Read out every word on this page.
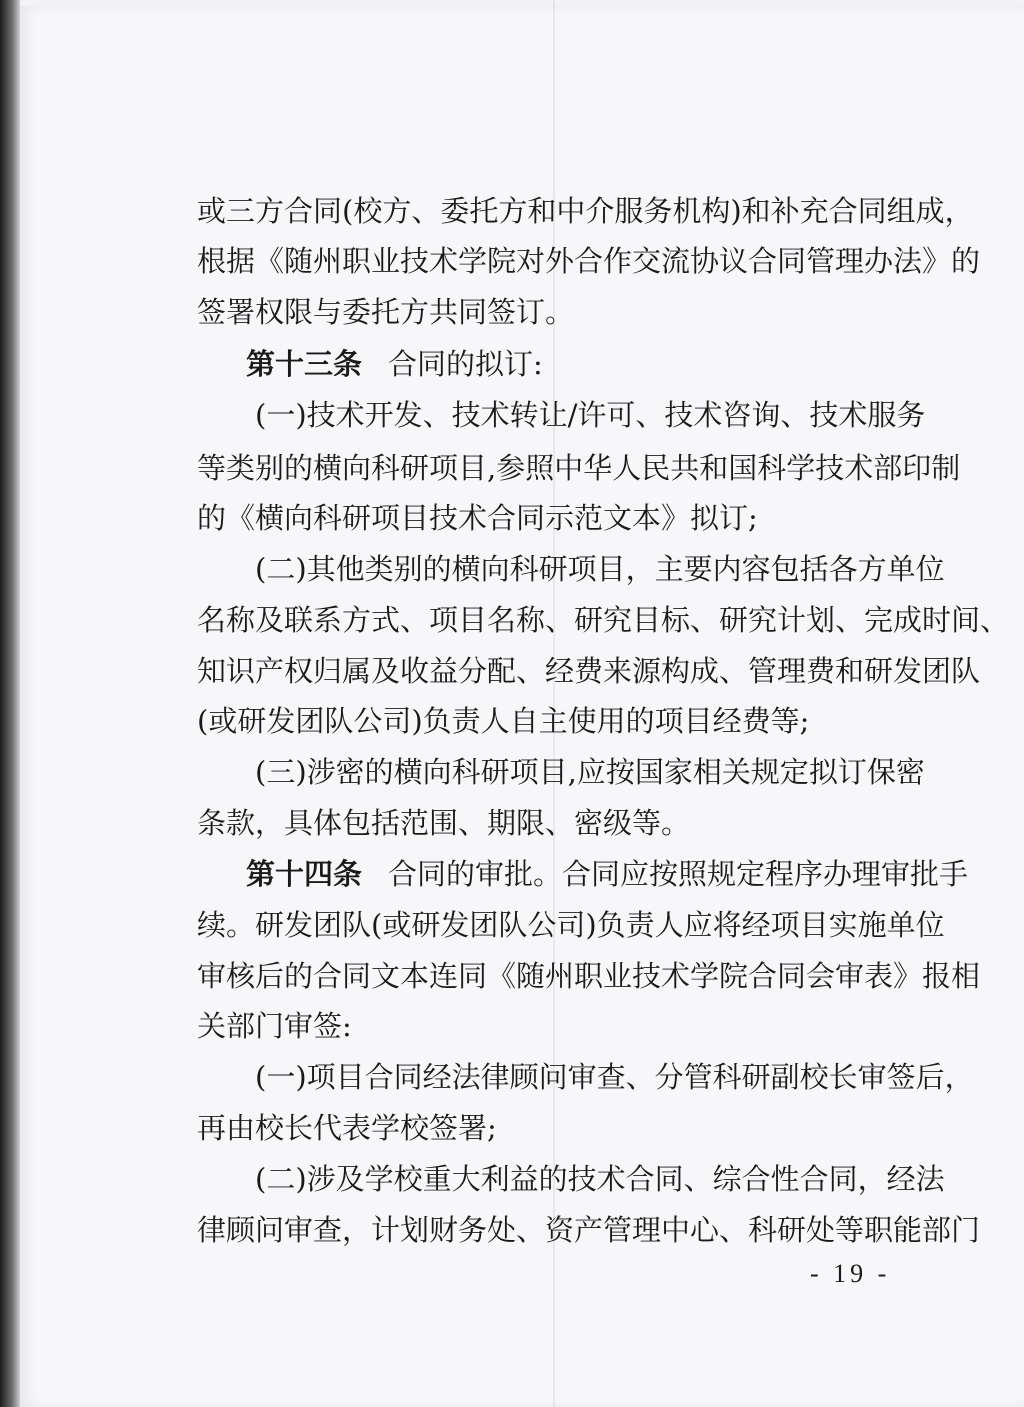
或三方合同(校方、委托方和中介服务机构)和补充合同组成，
根据《随州职业技术学院对外合作交流协议合同管理办法》的
签署权限与委托方共同签订。
第十三条 合同的拟订:
(一)技术开发、技术转让/许可、技术咨询、技术服务
等类别的横向科研项目,参照中华人民共和国科学技术部印制
的《横向科研项目技术合同示范文本》拟订;
(二)其他类别的横向科研项目，主要内容包括各方单位
名称及联系方式、项目名称、研究目标、研究计划、完成时间、
知识产权归属及收益分配、经费来源构成、管理费和研发团队
(或研发团队公司)负责人自主使用的项目经费等;
(三)涉密的横向科研项目,应按国家相关规定拟订保密
条款，具体包括范围、期限、密级等。
第十四条 合同的审批。合同应按照规定程序办理审批手
续。研发团队(或研发团队公司)负责人应将经项目实施单位
审核后的合同文本连同《随州职业技术学院合同会审表》报相
关部门审签:
(一)项目合同经法律顾问审查、分管科研副校长审签后，
再由校长代表学校签署;
(二)涉及学校重大利益的技术合同、综合性合同，经法
律顾问审查，计划财务处、资产管理中心、科研处等职能部门
- 19 -
